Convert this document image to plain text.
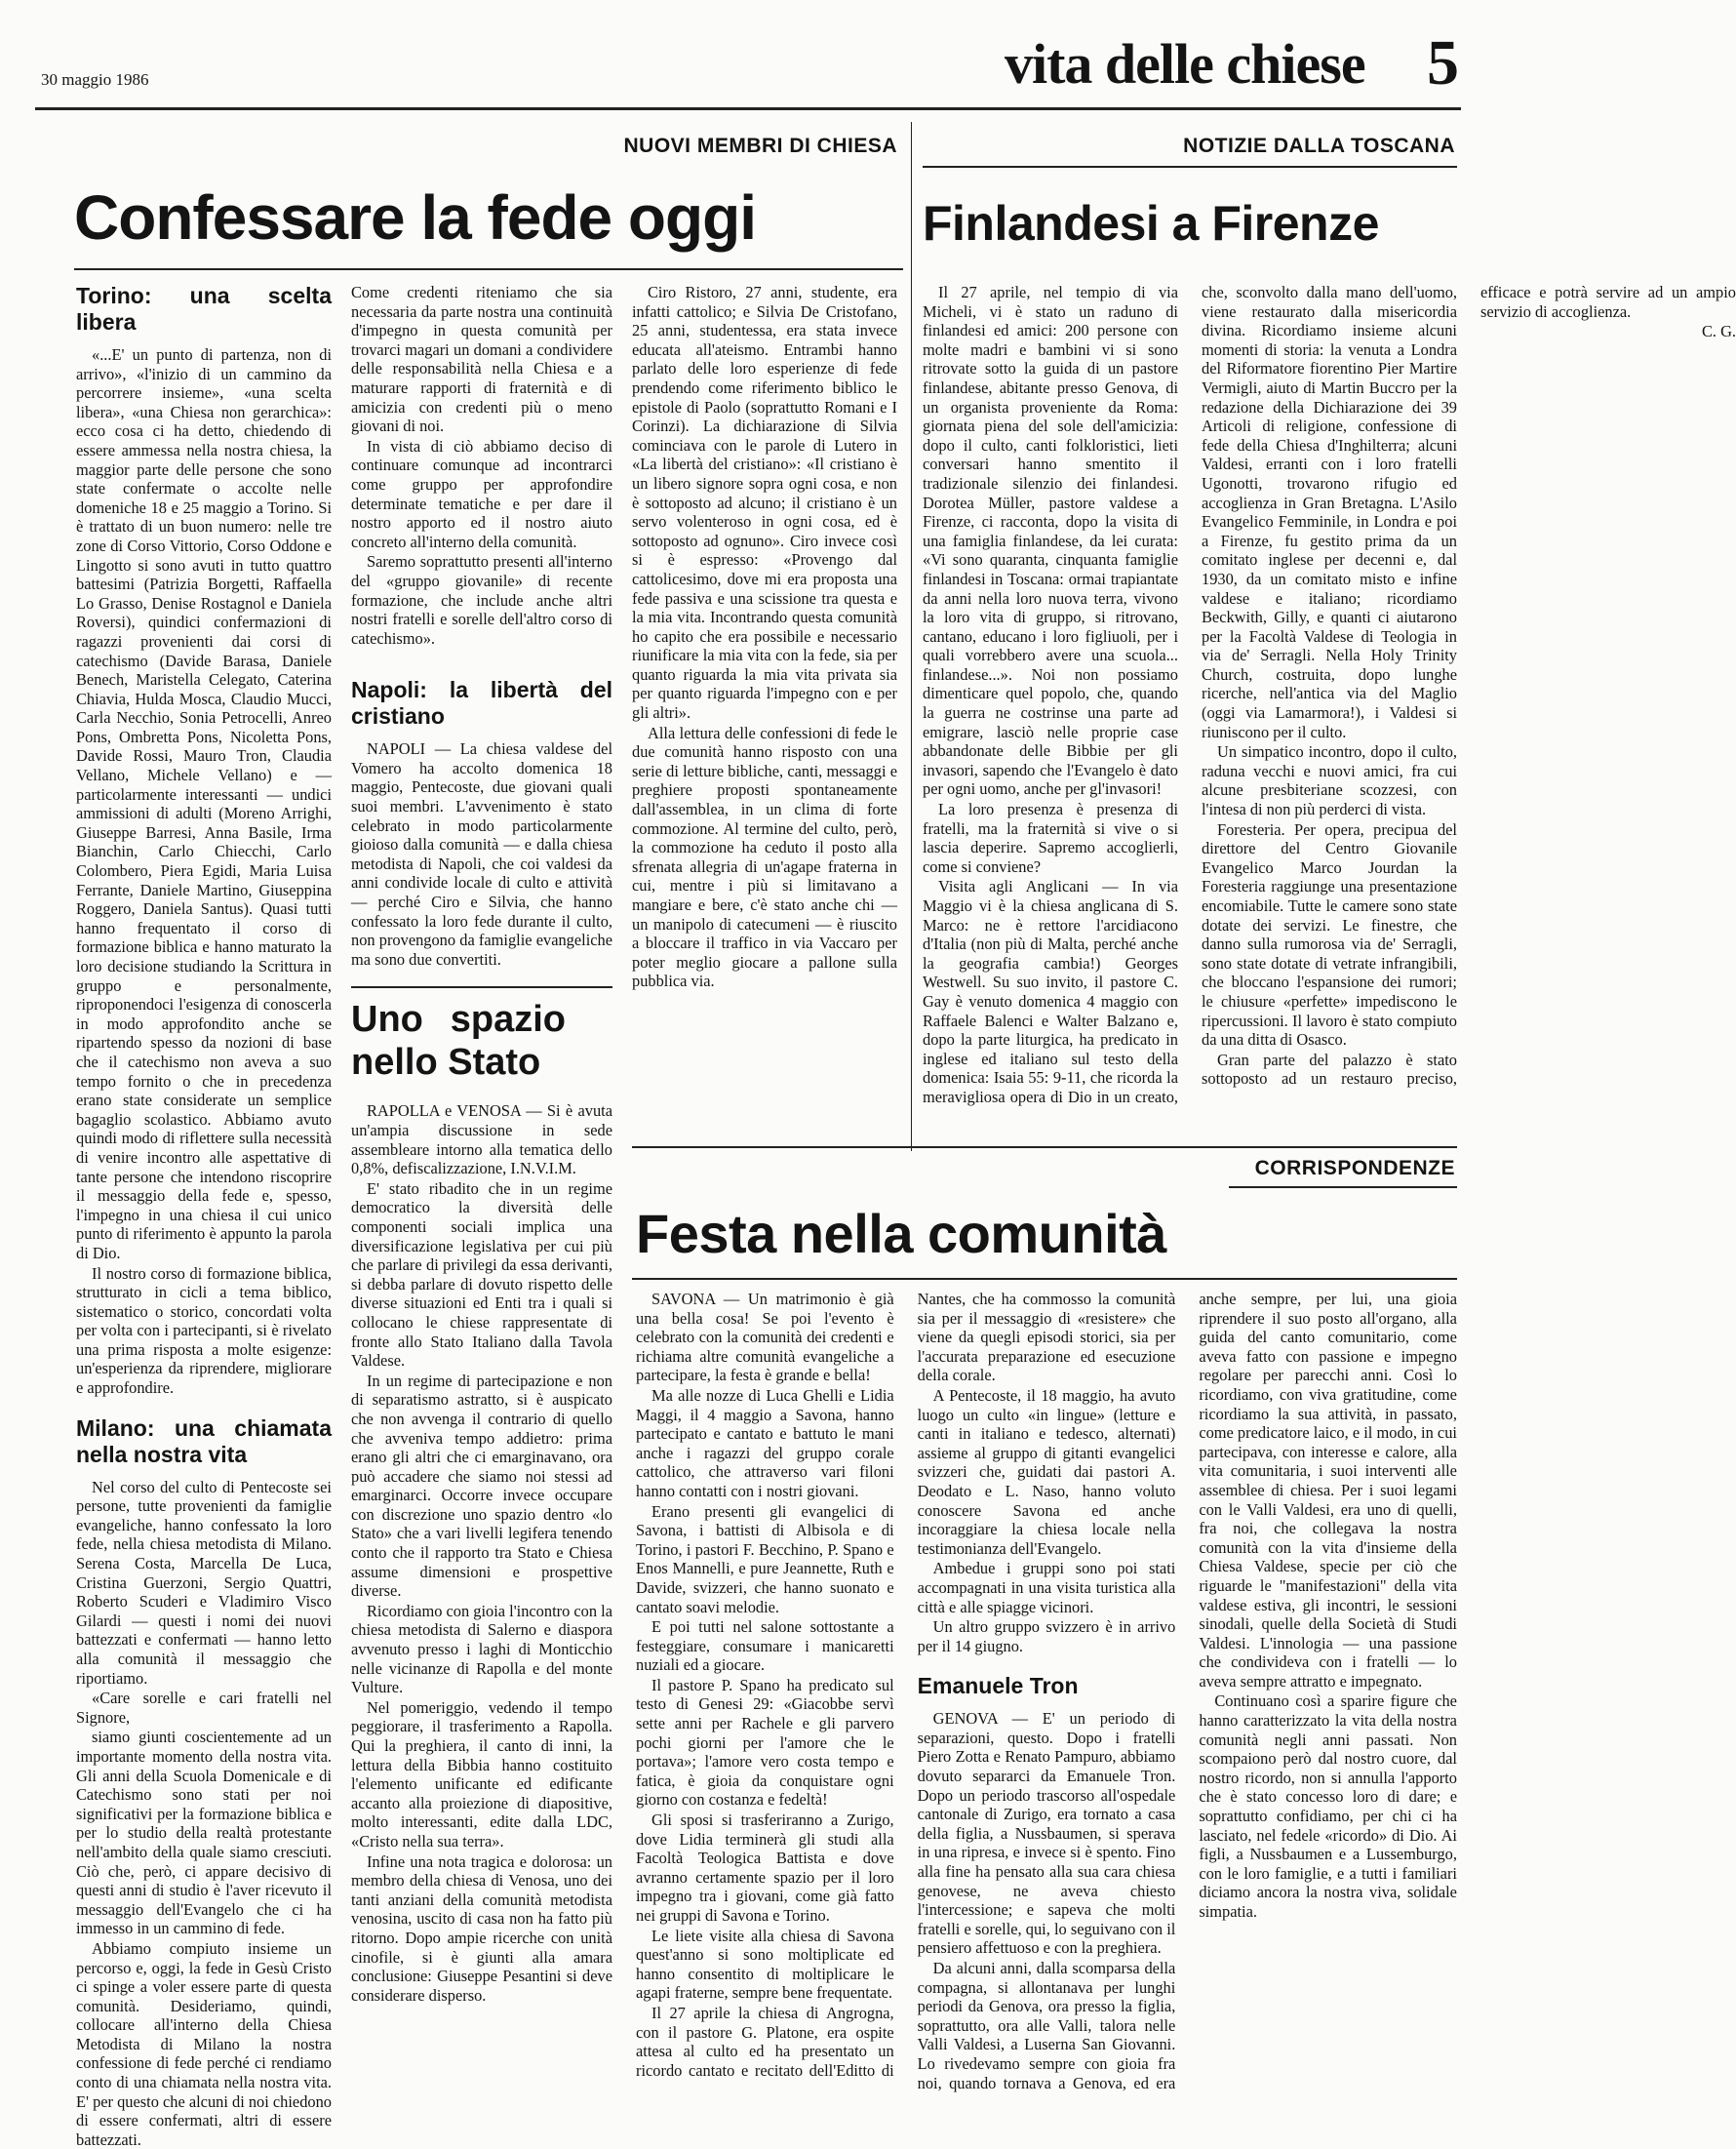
30 maggio 1986	vita delle chiese 5
NUOVI MEMBRI DI CHIESA
Confessare la fede oggi
NOTIZIE DALLA TOSCANA
Finlandesi a Firenze
Torino: una scelta libera

«...E' un punto di partenza, non di arrivo», «l'inizio di un cammino da percorrere insieme», «una scelta libera», «una Chiesa non gerarchica»: ecco cosa ci ha detto, chiedendo di essere ammessa nella nostra chiesa, la maggior parte delle persone che sono state confermate o accolte nelle domeniche 18 e 25 maggio a Torino. Si è trattato di un buon numero: nelle tre zone di Corso Vittorio, Corso Oddone e Lingotto si sono avuti in tutto quattro battesimi (Patrizia Borgetti, Raffaella Lo Grasso, Denise Rostagnol e Daniela Roversi), quindici confermazioni di ragazzi provenienti dai corsi di catechismo (Davide Barasa, Daniele Benech, Maristella Celegato, Caterina Chiavia, Hulda Mosca, Claudio Mucci, Carla Necchio, Sonia Petrocelli, Anreo Pons, Ombretta Pons, Nicoletta Pons, Davide Rossi, Mauro Tron, Claudia Vellano, Michele Vellano) e — particolarmente interessanti — undici ammissioni di adulti (Moreno Arrighi, Giuseppe Barresi, Anna Basile, Irma Bianchin, Carlo Chiecchi, Carlo Colombero, Piera Egidi, Maria Luisa Ferrante, Daniele Martino, Giuseppina Roggero, Daniela Santus). Quasi tutti hanno frequentato il corso di formazione biblica e hanno maturato la loro decisione studiando la Scrittura in gruppo e personalmente, riproponendoci l'esigenza di conoscerla in modo approfondito anche se ripartendo spesso da nozioni di base che il catechismo non aveva a suo tempo fornito o che in precedenza erano state considerate un semplice bagaglio scolastico. Abbiamo avuto quindi modo di riflettere sulla necessità di venire incontro alle aspettative di tante persone che intendono riscoprire il messaggio della fede e, spesso, l'impegno in una chiesa il cui unico punto di riferimento è appunto la parola di Dio.

Il nostro corso di formazione biblica, strutturato in cicli a tema biblico, sistematico o storico, concordati volta per volta con i partecipanti, si è rivelato una prima risposta a molte esigenze: un'esperienza da riprendere, migliorare e approfondire.

Milano: una chiamata nella nostra vita

Nel corso del culto di Pentecoste sei persone, tutte provenienti da famiglie evangeliche, hanno confessato la loro fede, nella chiesa metodista di Milano. Serena Costa, Marcella De Luca, Cristina Guerzoni, Sergio Quattri, Roberto Scuderi e Vladimiro Visco Gilardi — questi i nomi dei nuovi battezzati e confermati — hanno letto alla comunità il messaggio che riportiamo.

«Care sorelle e cari fratelli nel Signore,

siamo giunti coscientemente ad un importante momento della nostra vita. Gli anni della Scuola Domenicale e di Catechismo sono stati per noi significativi per la formazione biblica e per lo studio della realtà protestante nell'ambito della quale siamo cresciuti. Ciò che, però, ci appare decisivo di questi anni di studio è l'aver ricevuto il messaggio dell'Evangelo che ci ha immesso in un cammino di fede.

Abbiamo compiuto insieme un percorso e, oggi, la fede in Gesù Cristo ci spinge a voler essere parte di questa comunità. Desideriamo, quindi, collocare all'interno della Chiesa Metodista di Milano la nostra confessione di fede perché ci rendiamo conto di una chiamata nella nostra vita. E' per questo che alcuni di noi chiedono di essere confermati, altri di essere battezzati.

Come credenti riteniamo che sia necessaria da parte nostra una continuità d'impegno in questa comunità per trovarci magari un domani a condividere delle responsabilità nella Chiesa e a maturare rapporti di fraternità e di amicizia con credenti più o meno giovani di noi.

In vista di ciò abbiamo deciso di continuare comunque ad incontrarci come gruppo per approfondire determinate tematiche e per dare il nostro apporto ed il nostro aiuto concreto all'interno della comunità.

Saremo soprattutto presenti all'interno del «gruppo giovanile» di recente formazione, che include anche altri nostri fratelli e sorelle dell'altro corso di catechismo».

Napoli: la libertà del cristiano

NAPOLI — La chiesa valdese del Vomero ha accolto domenica 18 maggio, Pentecoste, due giovani quali suoi membri. L'avvenimento è stato celebrato in modo particolarmente gioioso dalla comunità — e dalla chiesa metodista di Napoli, che coi valdesi da anni condivide locale di culto e attività — perché Ciro e Silvia, che hanno confessato la loro fede durante il culto, non provengono da famiglie evangeliche ma sono due convertiti.

Uno spazio nello Stato

RAPOLLA e VENOSA — Si è avuta un'ampia discussione in sede assembleare intorno alla tematica dello 0,8%, defiscalizzazione, I.N.V.I.M.

E' stato ribadito che in un regime democratico la diversità delle componenti sociali implica una diversificazione legislativa per cui più che parlare di privilegi da essa derivanti, si debba parlare di dovuto rispetto delle diverse situazioni ed Enti tra i quali si collocano le chiese rappresentate di fronte allo Stato Italiano dalla Tavola Valdese.

In un regime di partecipazione e non di separatismo astratto, si è auspicato che non avvenga il contrario di quello che avveniva tempo addietro: prima erano gli altri che ci emarginavano, ora può accadere che siamo noi stessi ad emarginarci. Occorre invece occupare con discrezione uno spazio dentro «lo Stato» che a vari livelli legifera tenendo conto che il rapporto tra Stato e Chiesa assume dimensioni e prospettive diverse.

Ricordiamo con gioia l'incontro con la chiesa metodista di Salerno e diaspora avvenuto presso i laghi di Monticchio nelle vicinanze di Rapolla e del monte Vulture.

Nel pomeriggio, vedendo il tempo peggiorare, il trasferimento a Rapolla. Qui la preghiera, il canto di inni, la lettura della Bibbia hanno costituito l'elemento unificante ed edificante accanto alla proiezione di diapositive, molto interessanti, edite dalla LDC, «Cristo nella sua terra».

Infine una nota tragica e dolorosa: un membro della chiesa di Venosa, uno dei tanti anziani della comunità metodista venosina, uscito di casa non ha fatto più ritorno. Dopo ampie ricerche con unità cinofile, si è giunti alla amara conclusione: Giuseppe Pesantini si deve considerare disperso.

Ciro Ristoro, 27 anni, studente, era infatti cattolico; e Silvia De Cristofano, 25 anni, studentessa, era stata invece educata all'ateismo. Entrambi hanno parlato delle loro esperienze di fede prendendo come riferimento biblico le epistole di Paolo (soprattutto Romani e I Corinzi). La dichiarazione di Silvia cominciava con le parole di Lutero in «La libertà del cristiano»: «Il cristiano è un libero signore sopra ogni cosa, e non è sottoposto ad alcuno; il cristiano è un servo volenteroso in ogni cosa, ed è sottoposto ad ognuno». Ciro invece così si è espresso: «Provengo dal cattolicesimo, dove mi era proposta una fede passiva e una scissione tra questa e la mia vita. Incontrando questa comunità ho capito che era possibile e necessario riunificare la mia vita con la fede, sia per quanto riguarda la mia vita privata sia per quanto riguarda l'impegno con e per gli altri».

Alla lettura delle confessioni di fede le due comunità hanno risposto con una serie di letture bibliche, canti, messaggi e preghiere proposti spontaneamente dall'assemblea, in un clima di forte commozione. Al termine del culto, però, la commozione ha ceduto il posto alla sfrenata allegria di un'agape fraterna in cui, mentre i più si limitavano a mangiare e bere, c'è stato anche chi — un manipolo di catecumeni — è riuscito a bloccare il traffico in via Vaccaro per poter meglio giocare a pallone sulla pubblica via.

Il 27 aprile, nel tempio di via Micheli, vi è stato un raduno di finlandesi ed amici: 200 persone con molte madri e bambini vi si sono ritrovate sotto la guida di un pastore finlandese, abitante presso Genova, di un organista proveniente da Roma: giornata piena del sole dell'amicizia: dopo il culto, canti folkloristici, lieti conversari hanno smentito il tradizionale silenzio dei finlandesi. Dorotea Müller, pastore valdese a Firenze, ci racconta, dopo la visita di una famiglia finlandese, da lei curata: «Vi sono quaranta, cinquanta famiglie finlandesi in Toscana: ormai trapiantate da anni nella loro nuova terra, vivono la loro vita di gruppo, si ritrovano, cantano, educano i loro figliuoli, per i quali vorrebbero avere una scuola... finlandese...». Noi non possiamo dimenticare quel popolo, che, quando la guerra ne costrinse una parte ad emigrare, lasciò nelle proprie case abbandonate delle Bibbie per gli invasori, sapendo che l'Evangelo è dato per ogni uomo, anche per gl'invasori!

La loro presenza è presenza di fratelli, ma la fraternità si vive o si lascia deperire. Sapremo accoglierli, come si conviene?

Visita agli Anglicani — In via Maggio vi è la chiesa anglicana di S. Marco: ne è rettore l'arcidiacono d'Italia (non più di Malta, perché anche la geografia cambia!) Georges Westwell. Su suo invito, il pastore C. Gay è venuto domenica 4 maggio con Raffaele Balenci e Walter Balzano e, dopo la parte liturgica, ha predicato in inglese ed italiano sul testo della domenica: Isaia 55: 9-11, che ricorda la meravigliosa opera di Dio in un creato, che, sconvolto dalla mano dell'uomo, viene restaurato dalla misericordia divina. Ricordiamo insieme alcuni momenti di storia: la venuta a Londra del Riformatore fiorentino Pier Martire Vermigli, aiuto di Martin Buccro per la redazione della Dichiarazione dei 39 Articoli di religione, confessione di fede della Chiesa d'Inghilterra; alcuni Valdesi, erranti con i loro fratelli Ugonotti, trovarono rifugio ed accoglienza in Gran Bretagna. L'Asilo Evangelico Femminile, in Londra e poi a Firenze, fu gestito prima da un comitato inglese per decenni e, dal 1930, da un comitato misto e infine valdese e italiano; ricordiamo Beckwith, Gilly, e quanti ci aiutarono per la Facoltà Valdese di Teologia in via de' Serragli. Nella Holy Trinity Church, costruita, dopo lunghe ricerche, nell'antica via del Maglio (oggi via Lamarmora!), i Valdesi si riuniscono per il culto.

Un simpatico incontro, dopo il culto, raduna vecchi e nuovi amici, fra cui alcune presbiteriane scozzesi, con l'intesa di non più perderci di vista.

Foresteria. Per opera, precipua del direttore del Centro Giovanile Evangelico Marco Jourdan la Foresteria raggiunge una presentazione encomiabile. Tutte le camere sono state dotate dei servizi. Le finestre, che danno sulla rumorosa via de' Serragli, sono state dotate di vetrate infrangibili, che bloccano l'espansione dei rumori; le chiusure «perfette» impediscono le ripercussioni. Il lavoro è stato compiuto da una ditta di Osasco.

Gran parte del palazzo è stato sottoposto ad un restauro preciso, efficace e potrà servire ad un ampio servizio di accoglienza.

C. G.

CORRISPONDENZE
Festa nella comunità

SAVONA — Un matrimonio è già una bella cosa! Se poi l'evento è celebrato con la comunità dei credenti e richiama altre comunità evangeliche a partecipare, la festa è grande e bella!

Ma alle nozze di Luca Ghelli e Lidia Maggi, il 4 maggio a Savona, hanno partecipato e cantato e battuto le mani anche i ragazzi del gruppo corale cattolico, che attraverso vari filoni hanno contatti con i nostri giovani.

Erano presenti gli evangelici di Savona, i battisti di Albisola e di Torino, i pastori F. Becchino, P. Spano e Enos Mannelli, e pure Jeannette, Ruth e Davide, svizzeri, che hanno suonato e cantato soavi melodie.

E poi tutti nel salone sottostante a festeggiare, consumare i manicaretti nuziali ed a giocare.

Il pastore P. Spano ha predicato sul testo di Genesi 29: «Giacobbe servì sette anni per Rachele e gli parvero pochi giorni per l'amore che le portava»; l'amore vero costa tempo e fatica, è gioia da conquistare ogni giorno con costanza e fedeltà!

Gli sposi si trasferiranno a Zurigo, dove Lidia terminerà gli studi alla Facoltà Teologica Battista e dove avranno certamente spazio per il loro impegno tra i giovani, come già fatto nei gruppi di Savona e Torino.

Le liete visite alla chiesa di Savona quest'anno si sono moltiplicate ed hanno consentito di moltiplicare le agapi fraterne, sempre bene frequentate.

Il 27 aprile la chiesa di Angrogna, con il pastore G. Platone, era ospite attesa al culto ed ha presentato un ricordo cantato e recitato dell'Editto di Nantes, che ha commosso la comunità sia per il messaggio di «resistere» che viene da quegli episodi storici, sia per l'accurata preparazione ed esecuzione della corale.

A Pentecoste, il 18 maggio, ha avuto luogo un culto «in lingue» (letture e canti in italiano e tedesco, alternati) assieme al gruppo di gitanti evangelici svizzeri che, guidati dai pastori A. Deodato e L. Naso, hanno voluto conoscere Savona ed anche incoraggiare la chiesa locale nella testimonianza dell'Evangelo.

Ambedue i gruppi sono poi stati accompagnati in una visita turistica alla città e alle spiagge vicinori.

Un altro gruppo svizzero è in arrivo per il 14 giugno.

Emanuele Tron

GENOVA — E' un periodo di separazioni, questo. Dopo i fratelli Piero Zotta e Renato Pampuro, abbiamo dovuto separarci da Emanuele Tron. Dopo un periodo trascorso all'ospedale cantonale di Zurigo, era tornato a casa della figlia, a Nussbaumen, si sperava in una ripresa, e invece si è spento. Fino alla fine ha pensato alla sua cara chiesa genovese, ne aveva chiesto l'intercessione; e sapeva che molti fratelli e sorelle, qui, lo seguivano con il pensiero affettuoso e con la preghiera.

Da alcuni anni, dalla scomparsa della compagna, si allontanava per lunghi periodi da Genova, ora presso la figlia, soprattutto, ora alle Valli, talora nelle Valli Valdesi, a Luserna San Giovanni. Lo rivedevamo sempre con gioia fra noi, quando tornava a Genova, ed era anche sempre, per lui, una gioia riprendere il suo posto all'organo, alla guida del canto comunitario, come aveva fatto con passione e impegno regolare per parecchi anni. Così lo ricordiamo, con viva gratitudine, come ricordiamo la sua attività, in passato, come predicatore laico, e il modo, in cui partecipava, con interesse e calore, alla vita comunitaria, i suoi interventi alle assemblee di chiesa. Per i suoi legami con le Valli Valdesi, era uno di quelli, fra noi, che collegava la nostra comunità con la vita d'insieme della Chiesa Valdese, specie per ciò che riguarde le "manifestazioni" della vita valdese estiva, gli incontri, le sessioni sinodali, quelle della Società di Studi Valdesi. L'innologia — una passione che condivideva con i fratelli — lo aveva sempre attratto e impegnato.

Continuano così a sparire figure che hanno caratterizzato la vita della nostra comunità negli anni passati. Non scompaiono però dal nostro cuore, dal nostro ricordo, non si annulla l'apporto che è stato concesso loro di dare; e soprattutto confidiamo, per chi ci ha lasciato, nel fedele «ricordo» di Dio. Ai figli, a Nussbaumen e a Lussemburgo, con le loro famiglie, e a tutti i familiari diciamo ancora la nostra viva, solidale simpatia.
